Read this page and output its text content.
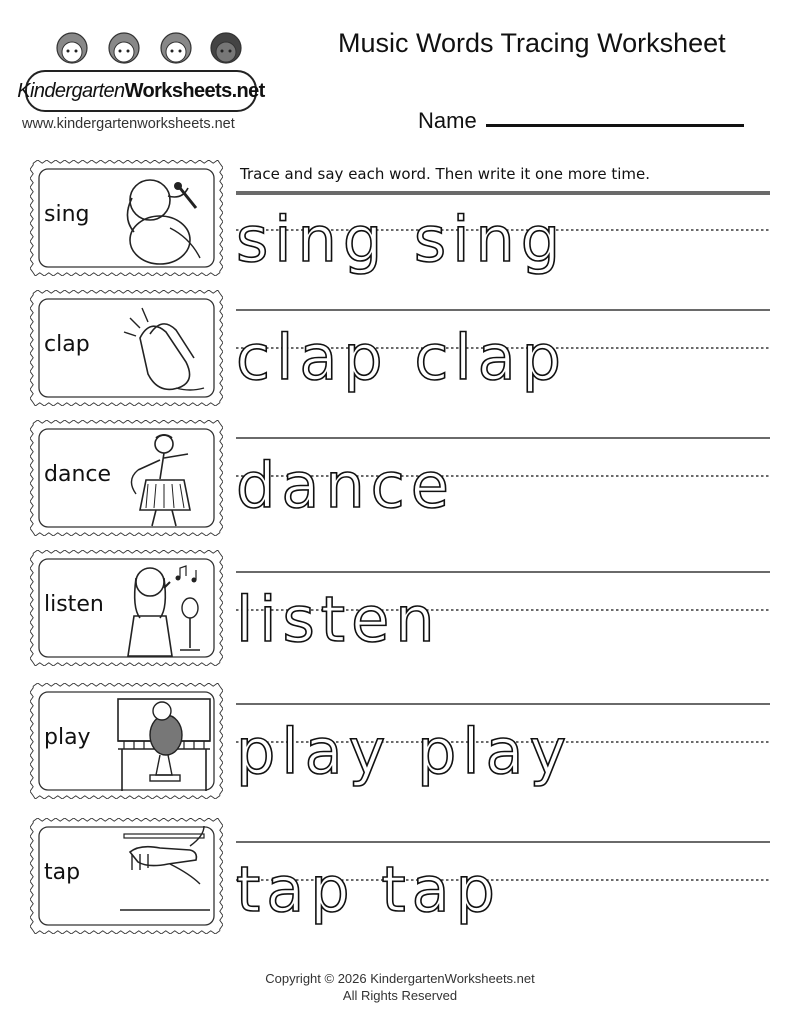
Kindergarten Worksheets.net
www.kindergartenworksheets.net
Music Words Tracing Worksheet
Name
Trace and say each word. Then write it one more time.
sing sing sing
clap clap clap
dance dance
listen listen
play play play
tap	tap tap
Copyright © 2026 KindergartenWorksheets.net
All Rights Reserved
